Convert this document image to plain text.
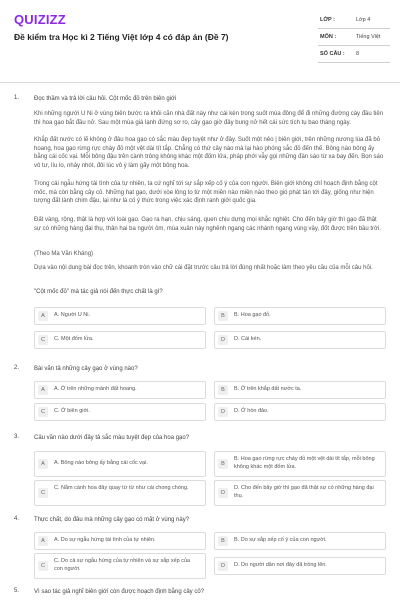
QUIZIZZ
Đề kiểm tra Học kì 2 Tiếng Việt lớp 4 có đáp án (Đề 7)
LỚP :	Lớp 4
MÔN :	Tiếng Việt
SỐ CÂU : 8
1. Đọc thầm và trả lời câu hỏi. Cột mốc đỏ trên biên giới

Khi những người U Ni ở vùng biên bước ra khỏi căn nhà đất này như cái kén trong suốt mùa đông để đi những đường cày đầu tiên thì hoa gạo bắt đầu nở. Sau một mùa giá lạnh đứng sơ ro, cây gạo giờ đây bung nở hết cái sức tích tụ bao tháng ngày.

Khắp đất nước có lẽ không ở đâu hoa gạo có sắc màu đẹp tuyệt như ở đây. Suốt một nẻo | biên giới, trên những nương lúa đã bỏ hoang, hoa gạo rừng rực cháy đỏ một vệt dài tít tắp. Chẳng có thứ cây nào mà lại hào phóng sắc đỏ đến thế. Bông nào bông ấy bằng cái cốc vại. Mỗi bông đậu trên cành trông không khác một đốm lửa, pháp phới vẫy gọi những đàn sáo từ xa bay đến. Bọn sáo vô tư, líu lo, nhảy nhót, đôi lúc vô ý làm gãy một bông hoa.

Trong cái ngẫu hứng tài tình của tự nhiên, ta cứ nghĩ tới sự sắp xếp cố ý của con người. Biên giới không chỉ hoạch định bằng cột mốc, mà còn bằng cây cỏ. Những hạt gạo, dưới xòe lông to từ một miền nào miền nào theo gió phát tán tới đây, giống như hiện tượng đất lành chim đậu, lại như là có ý thức trong việc xác định ranh giới quốc gia.

Đất vàng, rộng, thật là hợp với loài gạo. Gạo ra hạn, chịu sáng, quen chịu dựng mọi khắc nghiệt. Cho đến bây giờ thì gạo đã thật sự có những hàng đại thụ, thân hai ba người ôm, mùa xuân này nghênh ngang các nhánh ngang vùng vậy, đốt được trên bầu trời.

(Theo Ma Văn Kháng)

Dựa vào nội dung bài đọc trên, khoanh tròn vào chữ cái đặt trước câu trả lời đúng nhất hoặc làm theo yêu cầu của mỗi câu hỏi.

"Cột mốc đỏ" mà tác giả nói đến thực chất là gì?
A	A. Người U Ni.	B	B. Hoa gạo đỏ.
C	C. Một đốm lửa.	D	D. Cái kén.
2. Bài văn tả những cây gạo ở vùng nào?
A	A. Ở trên những mảnh đất hoang.	B	B. Ở trên khắp đất nước ta.
C	C. Ở biên giới.	D	D. Ở hòn đảo.
3. Câu văn nào dưới đây tả sắc màu tuyệt đẹp của hoa gạo?
A	A. Bông nào bông ấy bằng cái cốc vại.	B
B. Hoa gạo rừng rực cháy đỏ một vệt dài tít tắp, mỗi bông không khác một đốm lửa.
C
C. Nằm cành hoa đây quay từ từ như cái chong chóng.
D
D. Cho đến bây giờ thì gạo đã thật sự có những hàng đại thụ.
4. Thực chất, do đâu mà những cây gạo có mặt ở vùng này?
A	A. Do sự ngẫu hứng tài tình của tự nhiên.	B	B. Do sự sắp xếp cố ý của con người.
C
C. Do cả sự ngẫu hứng của tự nhiên và sự sắp xếp của con người.	D	D. Do người dân nơi đây đã trồng lên.
5. Vì sao tác giả nghĩ biên giới còn được hoạch định bằng cây cỏ?
